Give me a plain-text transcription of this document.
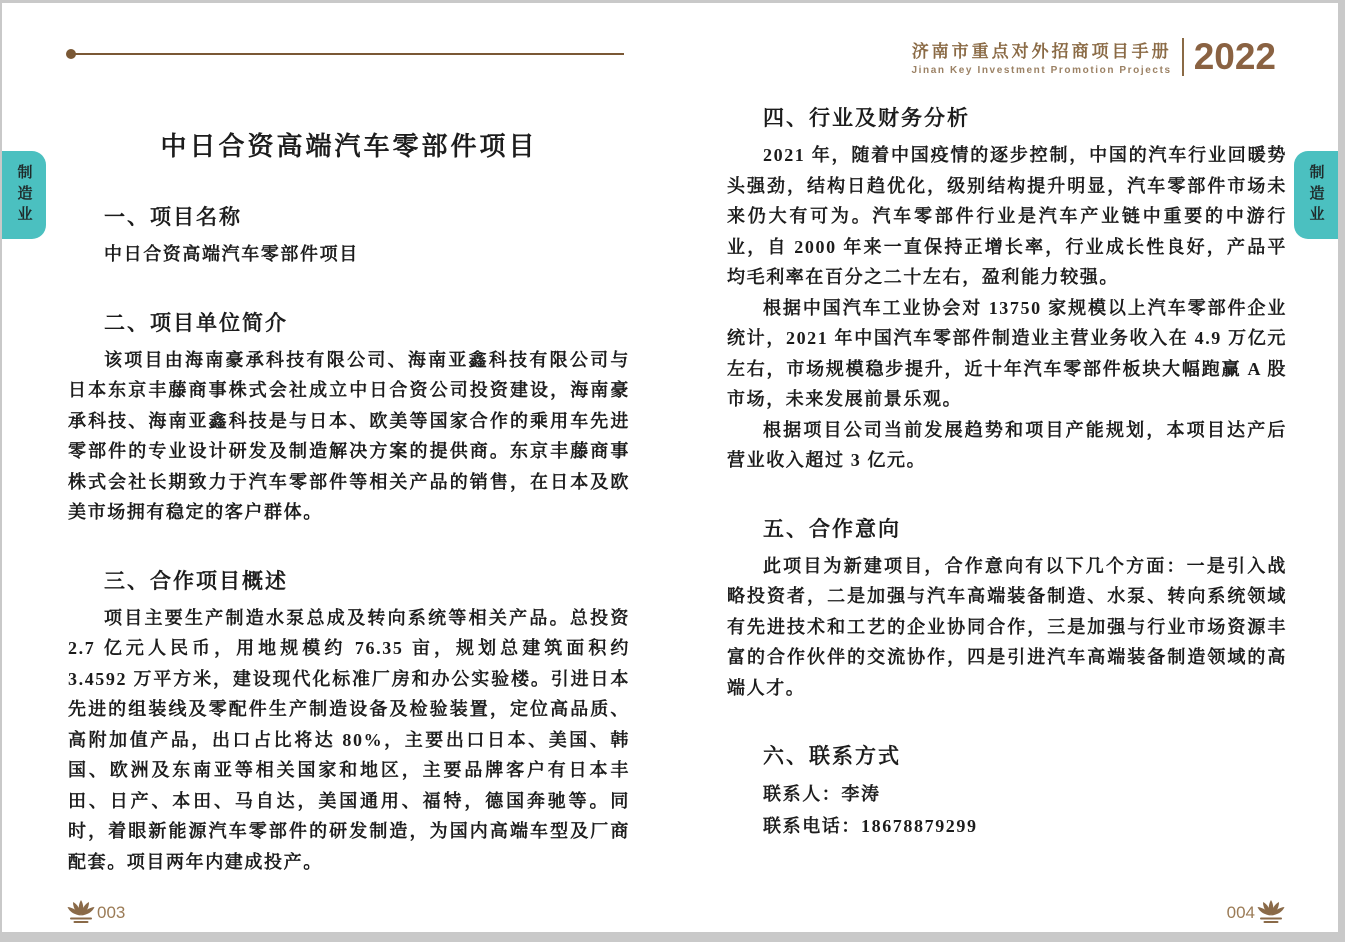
济南市重点对外招商项目手册
Jinan Key Investment Promotion Projects 2022
制造业	制造业
中日合资高端汽车零部件项目
一、项目名称

中日合资高端汽车零部件项目

二、项目单位简介

该项目由海南豪承科技有限公司、海南亚鑫科技有限公司与日本东京丰藤商事株式会社成立中日合资公司投资建设，海南豪承科技、海南亚鑫科技是与日本、欧美等国家合作的乘用车先进零部件的专业设计研发及制造解决方案的提供商。东京丰藤商事株式会社长期致力于汽车零部件等相关产品的销售，在日本及欧美市场拥有稳定的客户群体。

三、合作项目概述

项目主要生产制造水泵总成及转向系统等相关产品。总投资 2.7 亿元人民币，用地规模约 76.35 亩，规划总建筑面积约 3.4592 万平方米，建设现代化标准厂房和办公实验楼。引进日本先进的组装线及零配件生产制造设备及检验装置，定位高品质、高附加值产品，出口占比将达 80%，主要出口日本、美国、韩国、欧洲及东南亚等相关国家和地区，主要品牌客户有日本丰田、日产、本田、马自达，美国通用、福特，德国奔驰等。同时，着眼新能源汽车零部件的研发制造，为国内高端车型及厂商配套。项目两年内建成投产。

四、行业及财务分析

2021 年，随着中国疫情的逐步控制，中国的汽车行业回暖势头强劲，结构日趋优化，级别结构提升明显，汽车零部件市场未来仍大有可为。汽车零部件行业是汽车产业链中重要的中游行业，自 2000 年来一直保持正增长率，行业成长性良好，产品平均毛利率在百分之二十左右，盈利能力较强。

根据中国汽车工业协会对 13750 家规模以上汽车零部件企业统计，2021 年中国汽车零部件制造业主营业务收入在 4.9 万亿元左右，市场规模稳步提升，近十年汽车零部件板块大幅跑赢 A 股市场，未来发展前景乐观。

根据项目公司当前发展趋势和项目产能规划，本项目达产后营业收入超过 3 亿元。

五、合作意向

此项目为新建项目，合作意向有以下几个方面：一是引入战略投资者，二是加强与汽车高端装备制造、水泵、转向系统领域有先进技术和工艺的企业协同合作，三是加强与行业市场资源丰富的合作伙伴的交流协作，四是引进汽车高端装备制造领域的高端人才。

六、联系方式

联系人：李涛

联系电话：18678879299

003	004
